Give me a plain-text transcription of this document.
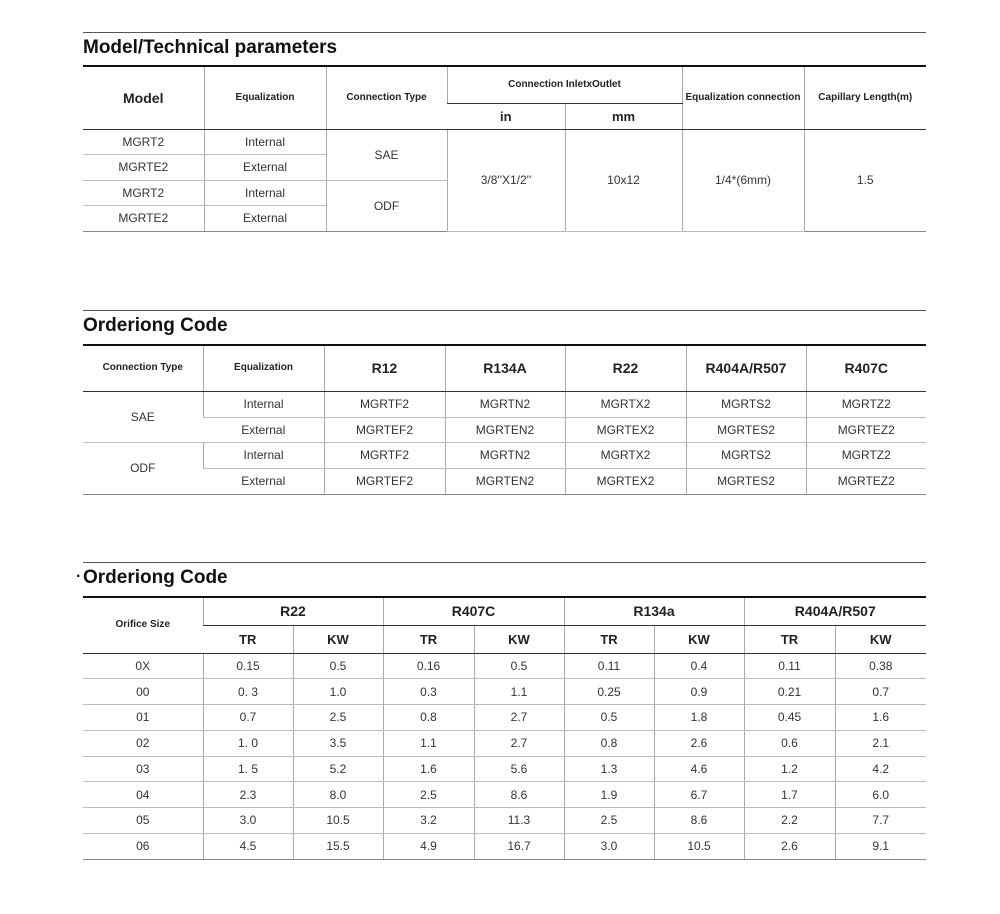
Model/Technical parameters
Model	Equalization	Connection Type	Connection InletxOutlet		Equalization connection	Capillary Length(m)
			in	mm		
MGRT2	Internal	SAE	3/8''X1/2''	10x12	1/4*(6mm)	1.5
MGRTE2	External					
MGRT2	Internal	ODF				
MGRTE2	External					
Orderiong Code
Connection Type	Equalization	R12	R134A	R22	R404A/R507	R407C
SAE	Internal	MGRTF2	MGRTN2	MGRTX2	MGRTS2	MGRTZ2
	External	MGRTEF2	MGRTEN2	MGRTEX2	MGRTES2	MGRTEZ2
ODF	Internal	MGRTF2	MGRTN2	MGRTX2	MGRTS2	MGRTZ2
	External	MGRTEF2	MGRTEN2	MGRTEX2	MGRTES2	MGRTEZ2
· Orderiong Code
Orifice Size	R22		R407C		R134a		R404A/R507	
	TR	KW	TR	KW	TR	KW	TR	KW
0X	0.15	0.5	0.16	0.5	0.11	0.4	0.11	0.38
00	0. 3	1.0	0.3	1.1	0.25	0.9	0.21	0.7
01	0.7	2.5	0.8	2.7	0.5	1.8	0.45	1.6
02	1. 0	3.5	1.1	2.7	0.8	2.6	0.6	2.1
03	1. 5	5.2	1.6	5.6	1.3	4.6	1.2	4.2
04	2.3	8.0	2.5	8.6	1.9	6.7	1.7	6.0
05	3.0	10.5	3.2	11.3	2.5	8.6	2.2	7.7
06	4.5	15.5	4.9	16.7	3.0	10.5	2.6	9.1
